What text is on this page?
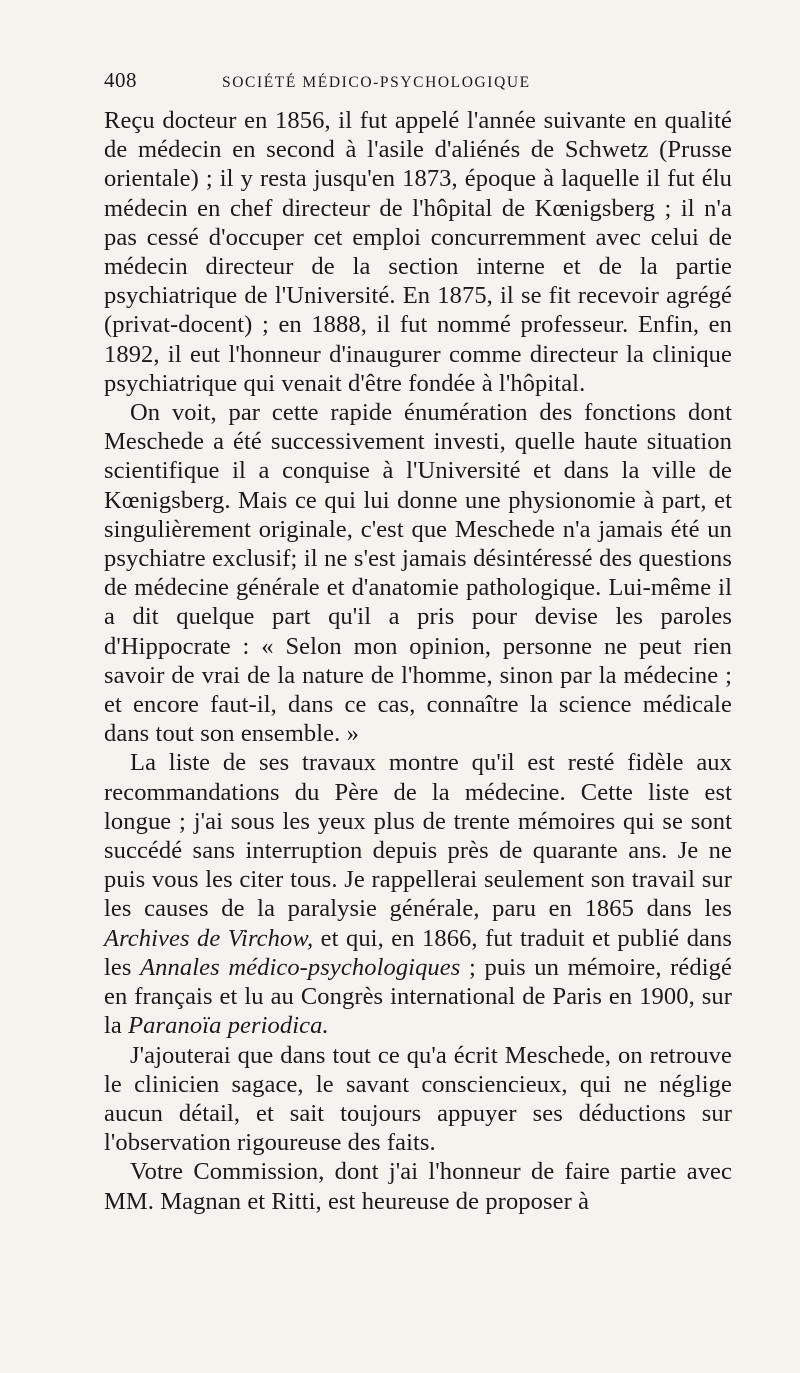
408	SOCIÉTÉ MÉDICO-PSYCHOLOGIQUE

Reçu docteur en 1856, il fut appelé l'année suivante en qualité de médecin en second à l'asile d'aliénés de Schwetz (Prusse orientale) ; il y resta jusqu'en 1873, époque à laquelle il fut élu médecin en chef directeur de l'hôpital de Kœnigsberg ; il n'a pas cessé d'occuper cet emploi concurremment avec celui de médecin directeur de la section interne et de la partie psychiatrique de l'Université. En 1875, il se fit recevoir agrégé (privat-docent) ; en 1888, il fut nommé professeur. Enfin, en 1892, il eut l'honneur d'inaugurer comme directeur la clinique psychiatrique qui venait d'être fondée à l'hôpital.

On voit, par cette rapide énumération des fonctions dont Meschede a été successivement investi, quelle haute situation scientifique il a conquise à l'Université et dans la ville de Kœnigsberg. Mais ce qui lui donne une physionomie à part, et singulièrement originale, c'est que Meschede n'a jamais été un psychiatre exclusif; il ne s'est jamais désintéressé des questions de médecine générale et d'anatomie pathologique. Lui-même il a dit quelque part qu'il a pris pour devise les paroles d'Hippocrate : « Selon mon opinion, personne ne peut rien savoir de vrai de la nature de l'homme, sinon par la médecine ; et encore faut-il, dans ce cas, connaître la science médicale dans tout son ensemble. »

La liste de ses travaux montre qu'il est resté fidèle aux recommandations du Père de la médecine. Cette liste est longue ; j'ai sous les yeux plus de trente mémoires qui se sont succédé sans interruption depuis près de quarante ans. Je ne puis vous les citer tous. Je rappellerai seulement son travail sur les causes de la paralysie générale, paru en 1865 dans les Archives de Virchow, et qui, en 1866, fut traduit et publié dans les Annales médico-psychologiques ; puis un mémoire, rédigé en français et lu au Congrès international de Paris en 1900, sur la Paranoïa periodica.

J'ajouterai que dans tout ce qu'a écrit Meschede, on retrouve le clinicien sagace, le savant consciencieux, qui ne néglige aucun détail, et sait toujours appuyer ses déductions sur l'observation rigoureuse des faits.

Votre Commission, dont j'ai l'honneur de faire partie avec MM. Magnan et Ritti, est heureuse de proposer à
